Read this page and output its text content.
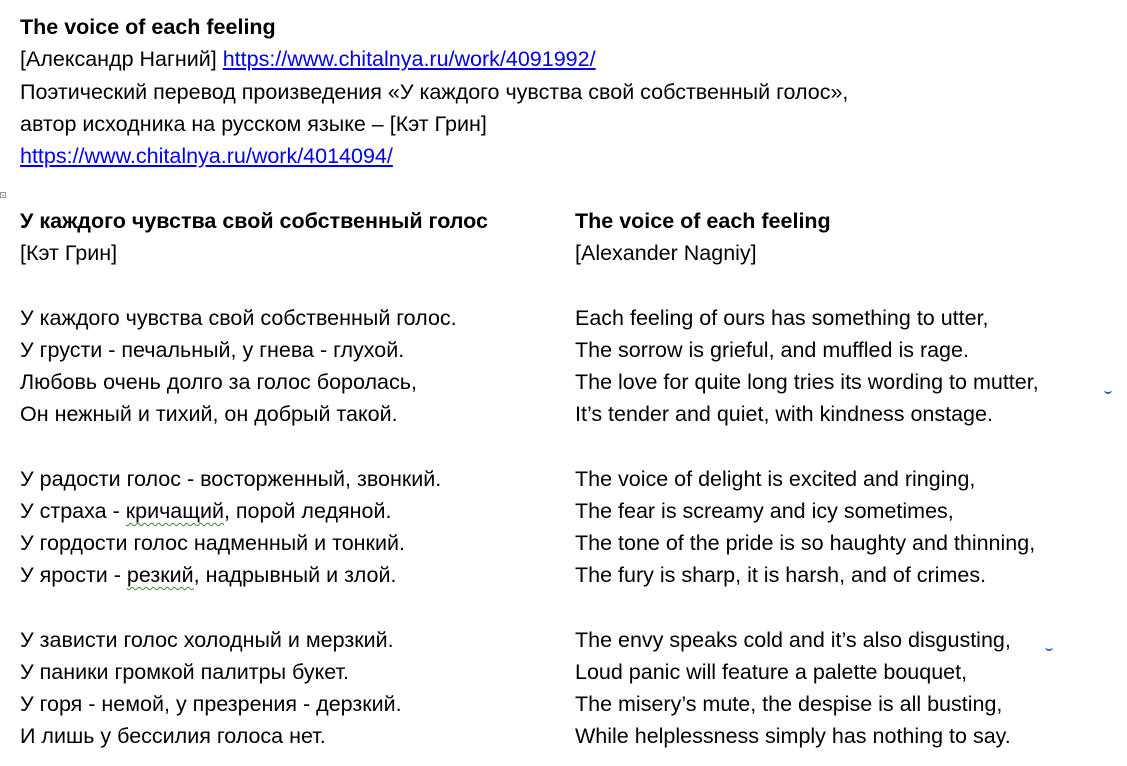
The voice of each feeling

[Александр Нагний] https://www.chitalnya.ru/work/4091992/

Поэтический перевод произведения «У каждого чувства свой собственный голос»,

автор исходника на русском языке – [Кэт Грин]

https://www.chitalnya.ru/work/4014094/

У каждого чувства свой собственный голос

[Кэт Грин]

У каждого чувства свой собственный голос.

У грусти - печальный, у гнева - глухой.

Любовь очень долго за голос боролась,

Он нежный и тихий, он добрый такой.

У радости голос - восторженный, звонкий.

У страха - кричащий, порой ледяной.

У гордости голос надменный и тонкий.

У ярости - резкий, надрывный и злой.

У зависти голос холодный и мерзкий.

У паники громкой палитры букет.

У горя - немой, у презрения - дерзкий.

И лишь у бессилия голоса нет.

The voice of each feeling

[Alexander Nagniy]

Each feeling of ours has something to utter,

The sorrow is grieful, and muffled is rage.

The love for quite long tries its wording to mutter,

It’s tender and quiet, with kindness onstage.

The voice of delight is excited and ringing,

The fear is screamy and icy sometimes,

The tone of the pride is so haughty and thinning,

The fury is sharp, it is harsh, and of crimes.

The envy speaks cold and it’s also disgusting,

Loud panic will feature a palette bouquet,

The misery’s mute, the despise is all busting,

While helplessness simply has nothing to say.
